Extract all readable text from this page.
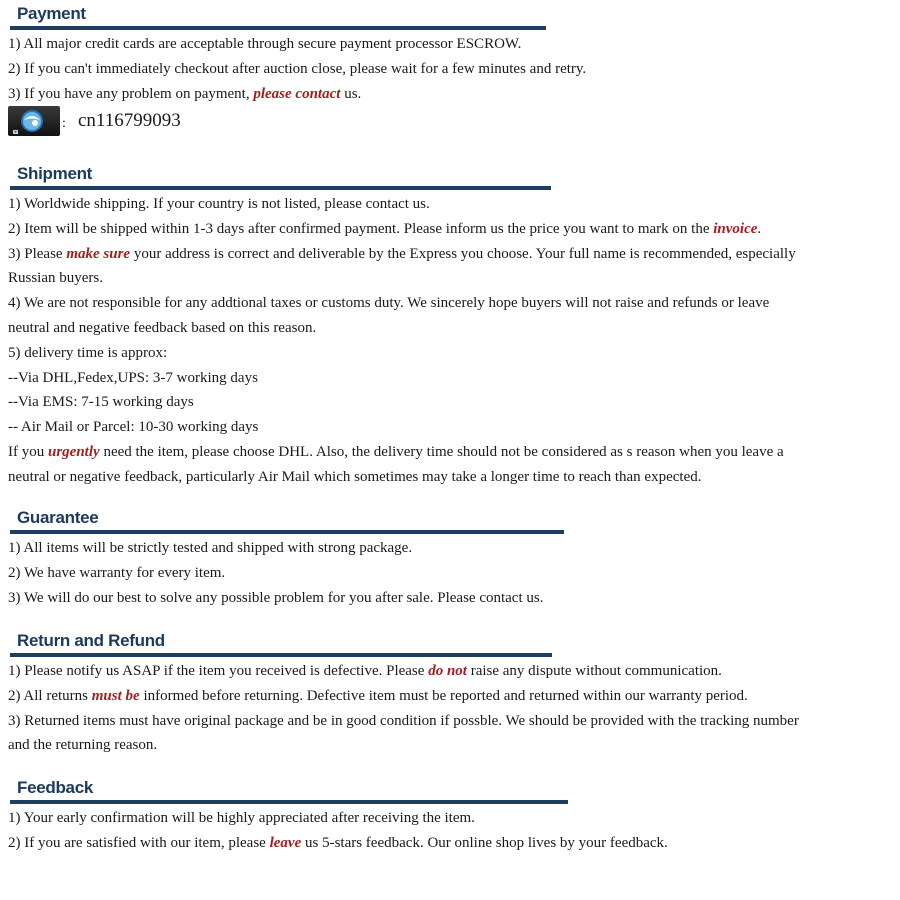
Payment
1) All major credit cards are acceptable through secure payment processor ESCROW.
2) If you can't immediately checkout after auction close, please wait for a few minutes and retry.
3) If you have any problem on payment, please contact us.
: cn116799093
Shipment
1) Worldwide shipping. If your country is not listed, please contact us.
2) Item will be shipped within 1-3 days after confirmed payment. Please inform us the price you want to mark on the invoice.
3) Please make sure your address is correct and deliverable by the Express you choose. Your full name is recommended, especially
Russian buyers.
4) We are not responsible for any addtional taxes or customs duty. We sincerely hope buyers will not raise and refunds or leave
neutral and negative feedback based on this reason.
5) delivery time is approx:
--Via DHL,Fedex,UPS: 3-7 working days
--Via EMS: 7-15 working days
-- Air Mail or Parcel: 10-30 working days
If you urgently need the item, please choose DHL. Also, the delivery time should not be considered as s reason when you leave a
neutral or negative feedback, particularly Air Mail which sometimes may take a longer time to reach than expected.
Guarantee
1) All items will be strictly tested and shipped with strong package.
2) We have warranty for every item.
3) We will do our best to solve any possible problem for you after sale. Please contact us.
Return and Refund
1) Please notify us ASAP if the item you received is defective. Please do not raise any dispute without communication.
2) All returns must be informed before returning. Defective item must be reported and returned within our warranty period.
3) Returned items must have original package and be in good condition if possble. We should be provided with the tracking number
and the returning reason.
Feedback
1) Your early confirmation will be highly appreciated after receiving the item.
2) If you are satisfied with our item, please leave us 5-stars feedback. Our online shop lives by your feedback.
